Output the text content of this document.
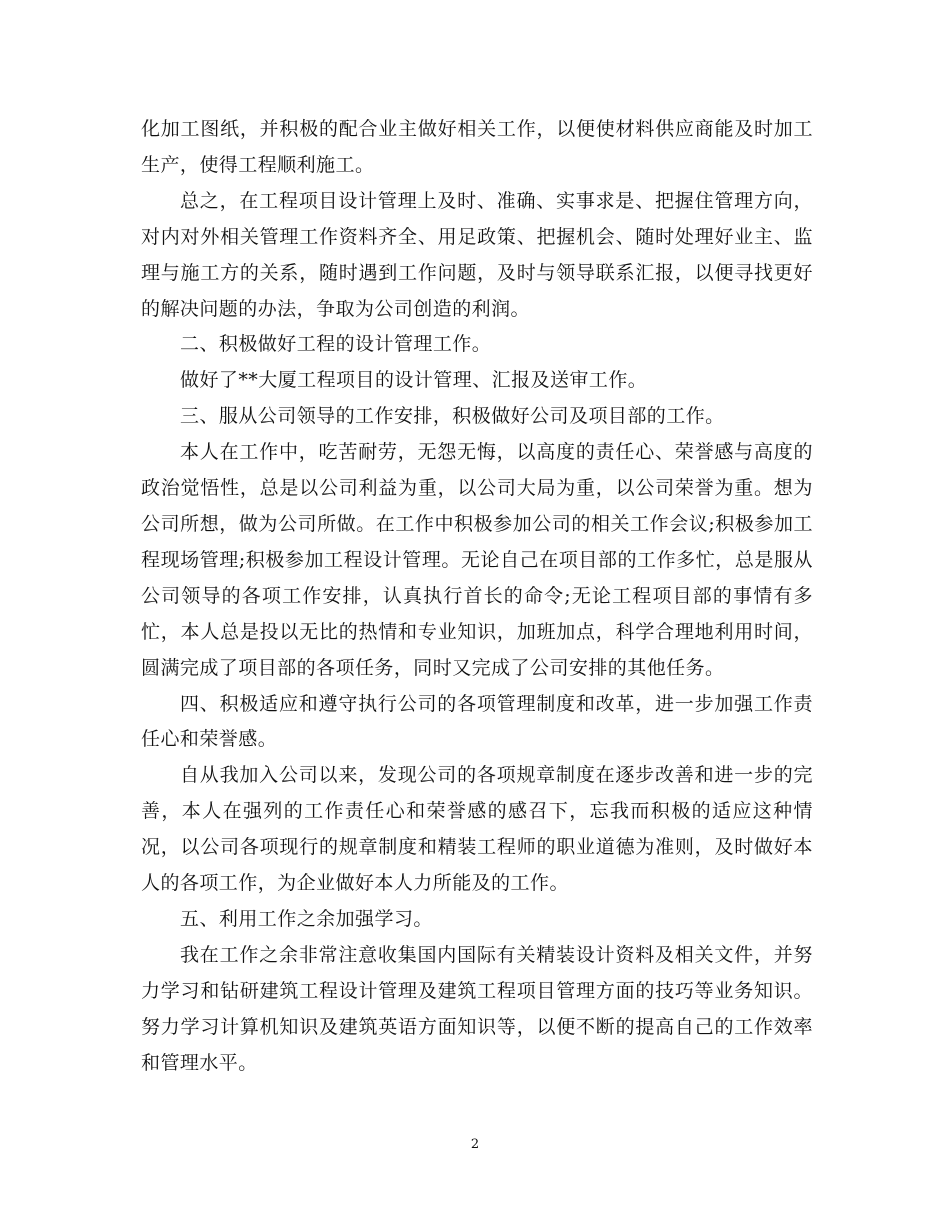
化加工图纸，并积极的配合业主做好相关工作，以便使材料供应商能及时加工生产，使得工程顺利施工。

总之，在工程项目设计管理上及时、准确、实事求是、把握住管理方向，对内对外相关管理工作资料齐全、用足政策、把握机会、随时处理好业主、监理与施工方的关系，随时遇到工作问题，及时与领导联系汇报，以便寻找更好的解决问题的办法，争取为公司创造的利润。

二、积极做好工程的设计管理工作。

做好了**大厦工程项目的设计管理、汇报及送审工作。

三、服从公司领导的工作安排，积极做好公司及项目部的工作。

本人在工作中，吃苦耐劳，无怨无悔，以高度的责任心、荣誉感与高度的政治觉悟性，总是以公司利益为重，以公司大局为重，以公司荣誉为重。想为公司所想，做为公司所做。在工作中积极参加公司的相关工作会议;积极参加工程现场管理;积极参加工程设计管理。无论自己在项目部的工作多忙，总是服从公司领导的各项工作安排，认真执行首长的命令;无论工程项目部的事情有多忙，本人总是投以无比的热情和专业知识，加班加点，科学合理地利用时间，圆满完成了项目部的各项任务，同时又完成了公司安排的其他任务。

四、积极适应和遵守执行公司的各项管理制度和改革，进一步加强工作责任心和荣誉感。

自从我加入公司以来，发现公司的各项规章制度在逐步改善和进一步的完善，本人在强列的工作责任心和荣誉感的感召下，忘我而积极的适应这种情况，以公司各项现行的规章制度和精装工程师的职业道德为准则，及时做好本人的各项工作，为企业做好本人力所能及的工作。

五、利用工作之余加强学习。

我在工作之余非常注意收集国内国际有关精装设计资料及相关文件，并努力学习和钻研建筑工程设计管理及建筑工程项目管理方面的技巧等业务知识。努力学习计算机知识及建筑英语方面知识等，以便不断的提高自己的工作效率和管理水平。

2
